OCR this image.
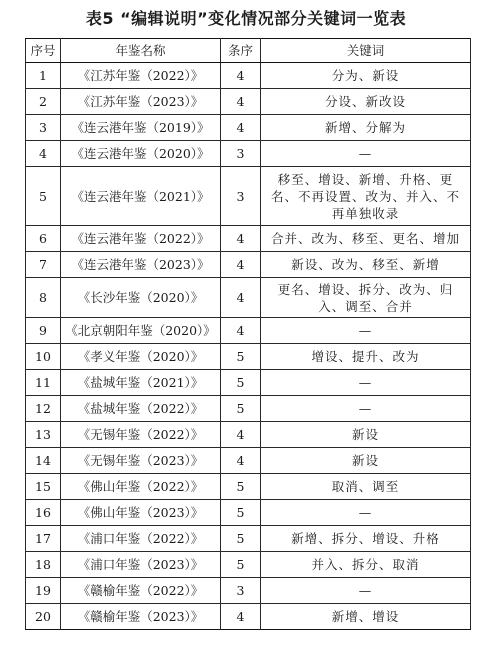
表5 “编辑说明”变化情况部分关键词一览表
序号	年鉴名称	条序	关键词
1	《江苏年鉴（2022）》	4	分为、新设
2	《江苏年鉴（2023）》	4	分设、新改设
3	《连云港年鉴（2019）》	4	新增、分解为
4	《连云港年鉴（2020）》	3	—
5	《连云港年鉴（2021）》	3	移至、增设、新增、升格、更名、不再设置、改为、并入、不再单独收录
6	《连云港年鉴（2022）》	4	合并、改为、移至、更名、增加
7	《连云港年鉴（2023）》	4	新设、改为、移至、新增
8	《长沙年鉴（2020）》	4	更名、增设、拆分、改为、归入、调至、合并
9	《北京朝阳年鉴（2020）》	4	—
10	《孝义年鉴（2020）》	5	增设、提升、改为
11	《盐城年鉴（2021）》	5	—
12	《盐城年鉴（2022）》	5	—
13	《无锡年鉴（2022）》	4	新设
14	《无锡年鉴（2023）》	4	新设
15	《佛山年鉴（2022）》	5	取消、调至
16	《佛山年鉴（2023）》	5	—
17	《浦口年鉴（2022）》	5	新增、拆分、增设、升格
18	《浦口年鉴（2023）》	5	并入、拆分、取消
19	《赣榆年鉴（2022）》	3	—
20	《赣榆年鉴（2023）》	4	新增、增设
